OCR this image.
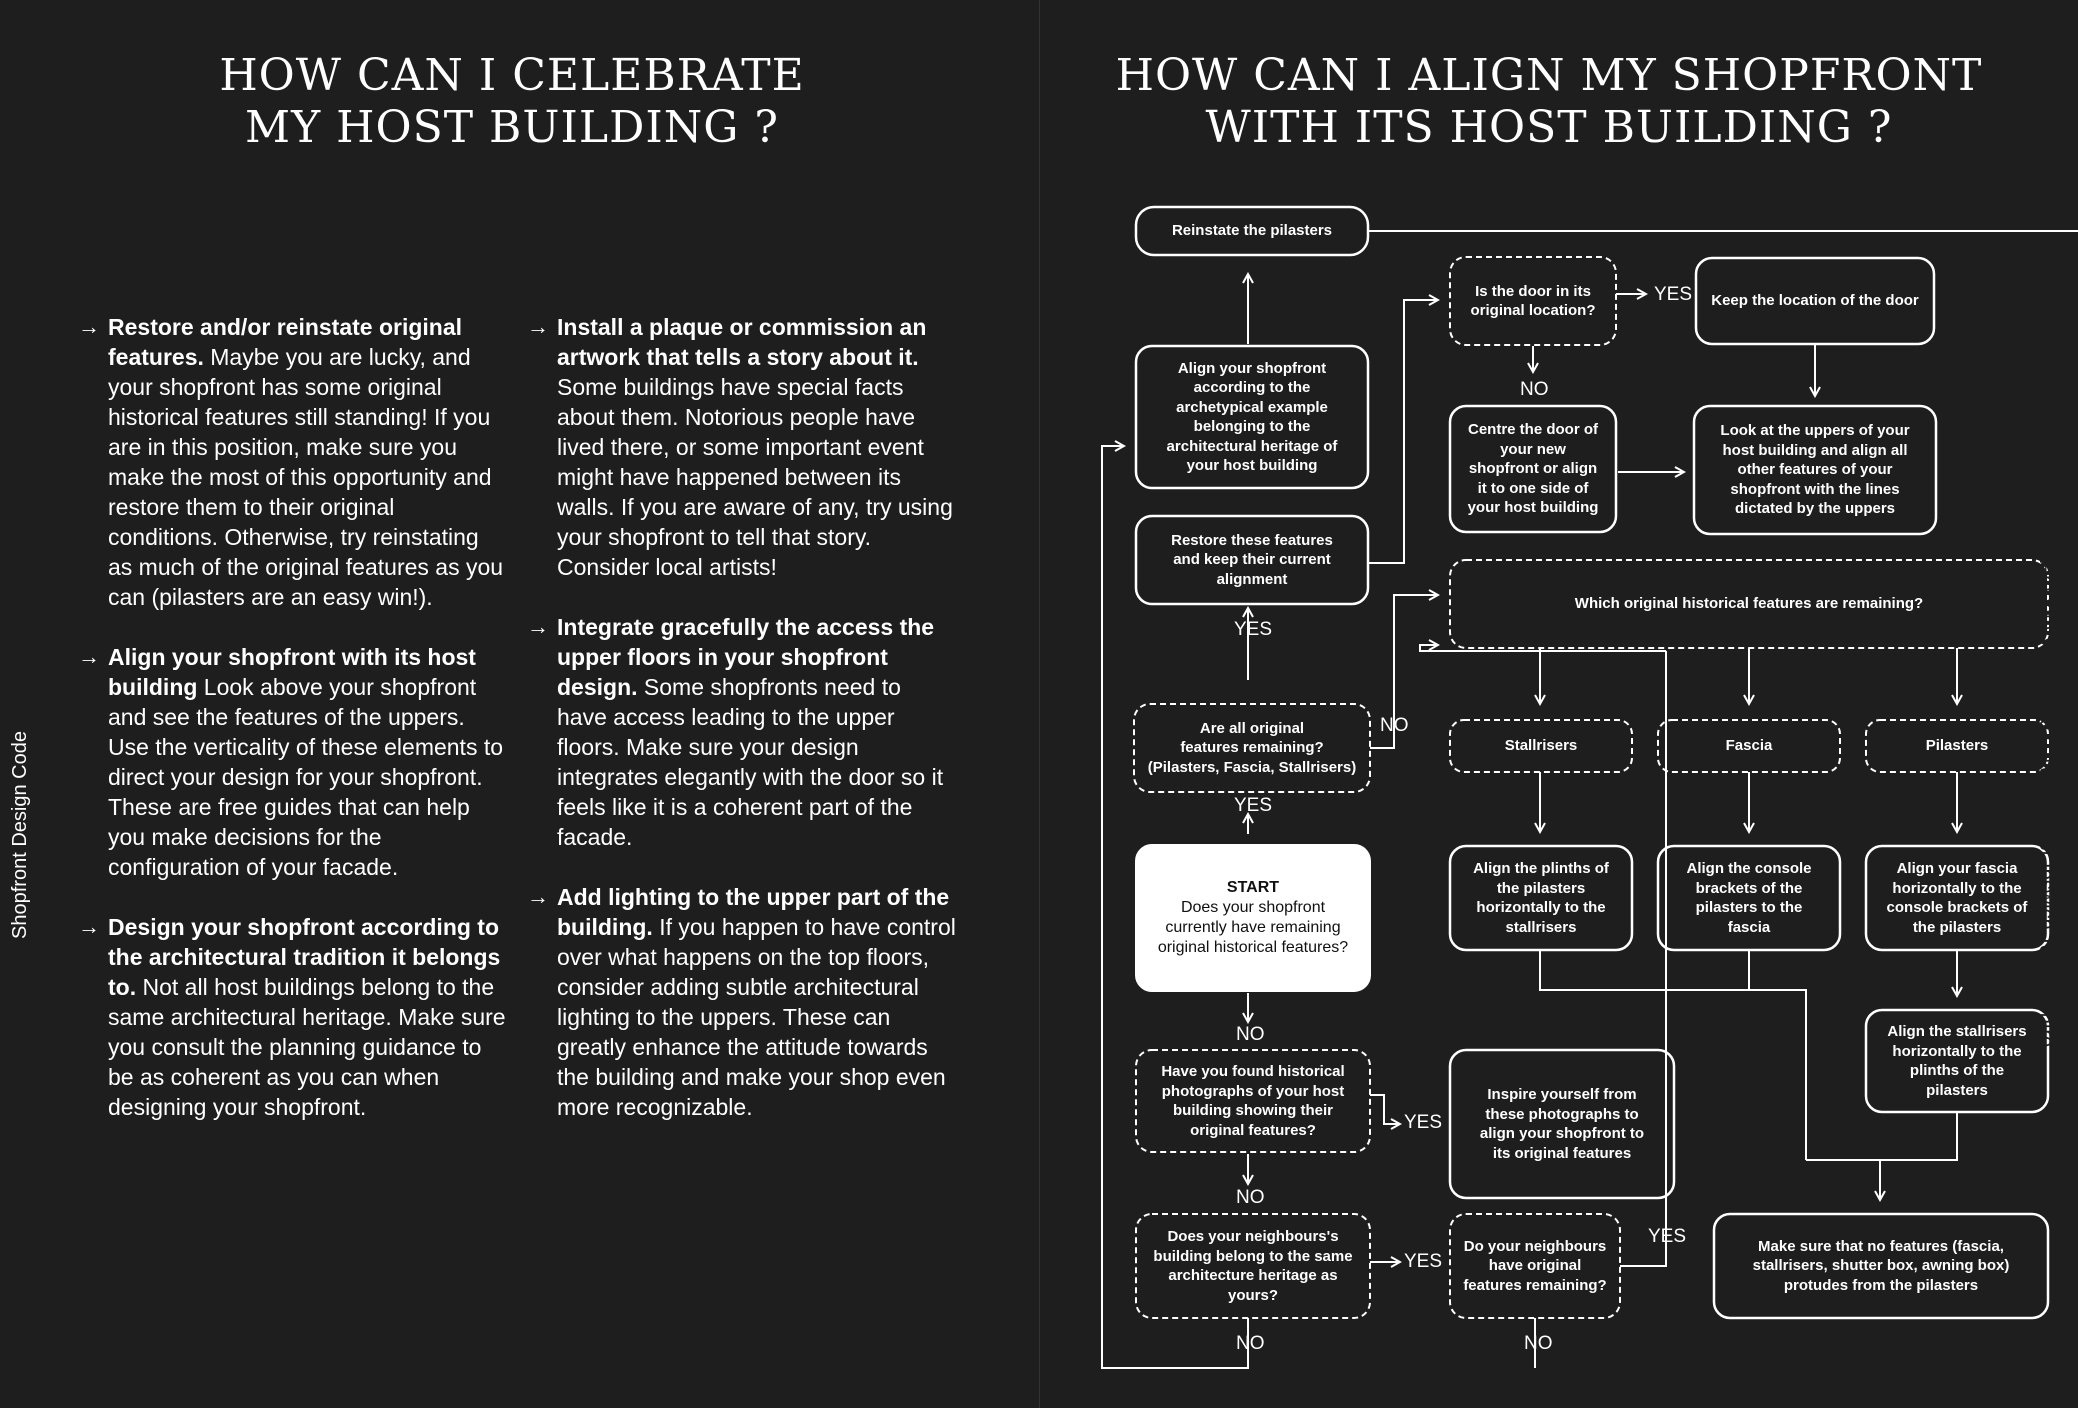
HOW CAN I CELEBRATE
MY HOST BUILDING ?
Shopfront Design Code
→ Restore and/or reinstate original features. Maybe you are lucky, and your shopfront has some original historical features still standing! If you are in this position, make sure you make the most of this opportunity and restore them to their original conditions. Otherwise, try reinstating as much of the original features as you can (pilasters are an easy win!).
→ Align your shopfront with its host building Look above your shopfront and see the features of the uppers. Use the verticality of these elements to direct your design for your shopfront. These are free guides that can help you make decisions for the configuration of your facade.
→ Design your shopfront according to the architectural tradition it belongs to. Not all host buildings belong to the same architectural heritage. Make sure you consult the planning guidance to be as coherent as you can when designing your shopfront.
→ Install a plaque or commission an artwork that tells a story about it. Some buildings have special facts about them. Notorious people have lived there, or some important event might have happened between its walls. If you are aware of any, try using your shopfront to tell that story. Consider local artists!
→ Integrate gracefully the access the upper floors in your shopfront design. Some shopfronts need to have access leading to the upper floors. Make sure your design integrates elegantly with the door so it feels like it is a coherent part of the facade.
→ Add lighting to the upper part of the building. If you happen to have control over what happens on the top floors, consider adding subtle architectural lighting to the uppers. These can greatly enhance the attitude towards the building and make your shop even more recognizable.
HOW CAN I ALIGN MY SHOPFRONT
WITH ITS HOST BUILDING ?
Reinstate the pilasters
Align your shopfront according to the archetypical example belonging to the architectural heritage of your host building
Restore these features and keep their current alignment
Are all original
features remaining?
(Pilasters, Fascia, Stallrisers)
START
Does your shopfront currently have remaining original historical features?
Have you found historical photographs of your host building showing their original features?
Inspire yourself from these photographs to align your shopfront to its original features
Does your neighbours's building belong to the same architecture heritage as yours?
Do your neighbours have original features remaining?
Is the door in its original location?
Keep the location of the door
Centre the door of your new shopfront or align it to one side of your host building
Look at the uppers of your host building and align all other features of your shopfront with the lines dictated by the uppers
Which original historical features are remaining?
Stallrisers	Fascia	Pilasters
Align the plinths of the pilasters horizontally to the stallrisers
Align the console brackets of the pilasters to the fascia
Align your fascia horizontally to the console brackets of the pilasters
Align the stallrisers horizontally to the plinths of the pilasters
Make sure that no features (fascia, stallrisers, shutter box, awning box) protudes from the pilasters
YES
YES
NO
NO
YES
NO
YES
NO	NO
YES
YES
NO
Supplementary Planning Guidance For Ipswich Town Centre
